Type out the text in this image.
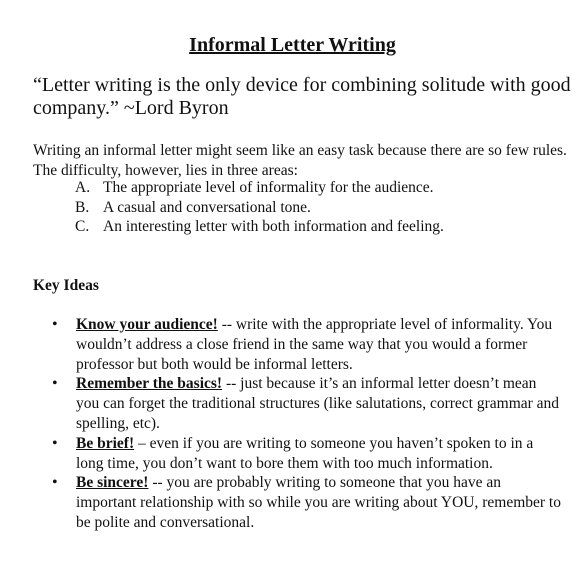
Informal Letter Writing
“Letter writing is the only device for combining solitude with good company.” ~Lord Byron
Writing an informal letter might seem like an easy task because there are so few rules. The difficulty, however, lies in three areas:
A. The appropriate level of informality for the audience.
B. A casual and conversational tone.
C. An interesting letter with both information and feeling.
Key Ideas
•	Know your audience! -- write with the appropriate level of informality. You wouldn’t address a close friend in the same way that you would a former professor but both would be informal letters.
•	Remember the basics! -- just because it’s an informal letter doesn’t mean you can forget the traditional structures (like salutations, correct grammar and spelling, etc).
•	Be brief! – even if you are writing to someone you haven’t spoken to in a long time, you don’t want to bore them with too much information.
•	Be sincere! -- you are probably writing to someone that you have an important relationship with so while you are writing about YOU, remember to be polite and conversational.
